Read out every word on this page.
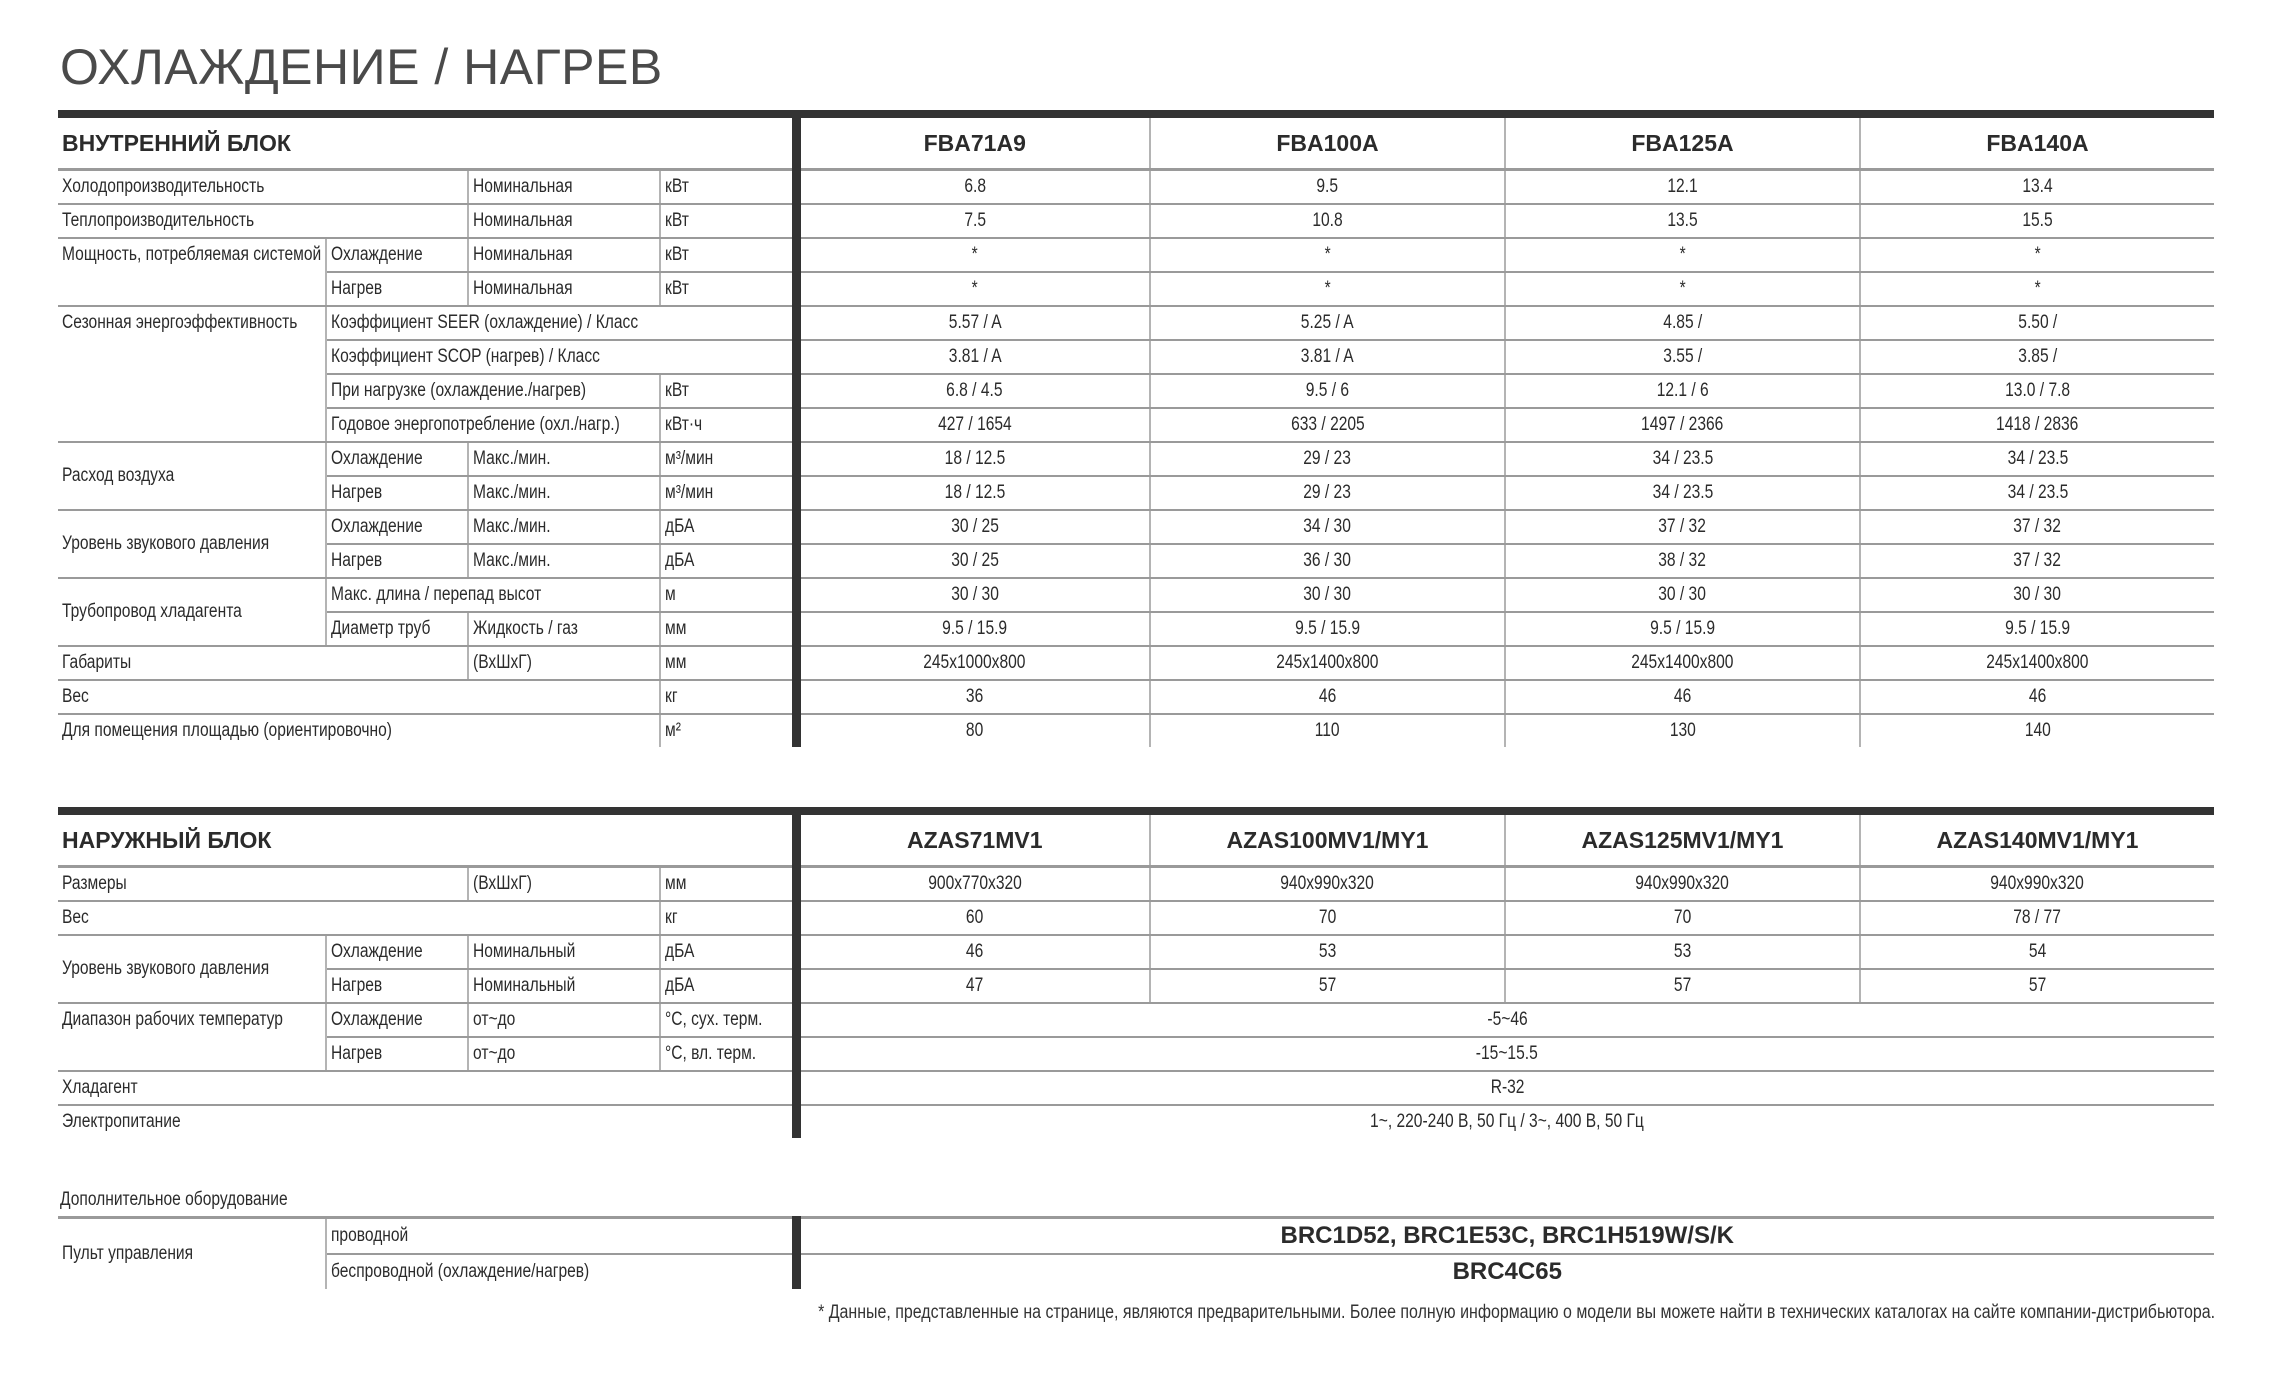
ОХЛАЖДЕНИЕ / НАГРЕВ

ВНУТРЕННИЙ БЛОК				FBA71A9	FBA100A	FBA125A	FBA140A
Холодопроизводительность		Номинальная	кВт	6.8	9.5	12.1	13.4
Теплопроизводительность		Номинальная	кВт	7.5	10.8	13.5	15.5
Мощность, потребляемая системой	Охлаждение	Номинальная	кВт	*	*	*	*
	Нагрев	Номинальная	кВт	*	*	*	*
Сезонная энергоэффективность	Коэффициент SEER (охлаждение) / Класс			5.57 / A	5.25 / A	4.85 /	5.50 /
	Коэффициент SCOP (нагрев) / Класс			3.81 / A	3.81 / A	3.55 /	3.85 /
	При нагрузке (охлаждение./нагрев)		кВт	6.8 / 4.5	9.5 / 6	12.1 / 6	13.0 / 7.8
	Годовое энергопотребление (охл./нагр.)		кВт·ч	427 / 1654	633 / 2205	1497 / 2366	1418 / 2836
Расход воздуха	Охлаждение	Макс./мин.	м³/мин	18 / 12.5	29 / 23	34 / 23.5	34 / 23.5
	Нагрев	Макс./мин.	м³/мин	18 / 12.5	29 / 23	34 / 23.5	34 / 23.5
Уровень звукового давления	Охлаждение	Макс./мин.	дБА	30 / 25	34 / 30	37 / 32	37 / 32
	Нагрев	Макс./мин.	дБА	30 / 25	36 / 30	38 / 32	37 / 32
Трубопровод хладагента	Макс. длина / перепад высот		м	30 / 30	30 / 30	30 / 30	30 / 30
	Диаметр труб	Жидкость / газ	мм	9.5 / 15.9	9.5 / 15.9	9.5 / 15.9	9.5 / 15.9
Габариты		(ВхШхГ)	мм	245x1000x800	245x1400x800	245x1400x800	245x1400x800
Вес			кг	36	46	46	46
Для помещения площадью (ориентировочно)			м²	80	110	130	140

НАРУЖНЫЙ БЛОК				AZAS71MV1	AZAS100MV1/MY1	AZAS125MV1/MY1	AZAS140MV1/MY1
Размеры		(ВхШхГ)	мм	900x770x320	940x990x320	940x990x320	940x990x320
Вес			кг	60	70	70	78 / 77
Уровень звукового давления	Охлаждение	Номинальный	дБА	46	53	53	54
	Нагрев	Номинальный	дБА	47	57	57	57
Диапазон рабочих температур	Охлаждение	от~до	°C, сух. терм.	-5~46			
	Нагрев	от~до	°C, вл. терм.	-15~15.5			
Хладагент				R-32			
Электропитание				1~, 220-240 В, 50 Гц / 3~, 400 В, 50 Гц			
Дополнительное оборудование
Пульт управления	проводной	BRC1D52, BRC1E53C, BRC1H519W/S/K
	беспроводной (охлаждение/нагрев)	BRC4C65
* Данные, представленные на странице, являются предварительными. Более полную информацию о модели вы можете найти в технических каталогах на сайте компании-дистрибьютора.
